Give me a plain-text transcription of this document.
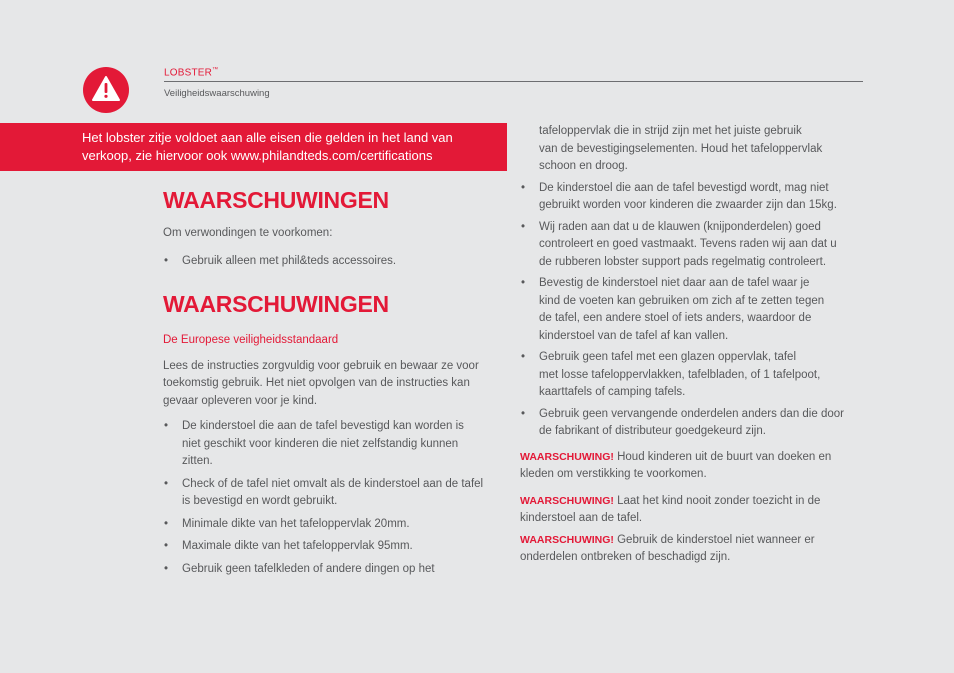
LOBSTER™
Veiligheidswaarschuwing
Het lobster zitje voldoet aan alle eisen die gelden in het land van
verkoop, zie hiervoor ook www.philandteds.com/certifications
WAARSCHUWINGEN

Om verwondingen te voorkomen:

• Gebruik alleen met phil&teds accessoires.
WAARSCHUWINGEN

De Europese veiligheidsstandaard

Lees de instructies zorgvuldig voor gebruik en bewaar ze voor
toekomstig gebruik. Het niet opvolgen van de instructies kan
gevaar opleveren voor je kind.
• De kinderstoel die aan de tafel bevestigd kan worden is
niet geschikt voor kinderen die niet zelfstandig kunnen
zitten.
• Check of de tafel niet omvalt als de kinderstoel aan de tafel
is bevestigd en wordt gebruikt.
• Minimale dikte van het tafeloppervlak 20mm.
• Maximale dikte van het tafeloppervlak 95mm.
• Gebruik geen tafelkleden of andere dingen op het
tafeloppervlak die in strijd zijn met het juiste gebruik
van de bevestigingselementen. Houd het tafeloppervlak
schoon en droog.
• De kinderstoel die aan de tafel bevestigd wordt, mag niet
gebruikt worden voor kinderen die zwaarder zijn dan 15kg.
• Wij raden aan dat u de klauwen (knijponderdelen) goed
controleert en goed vastmaakt. Tevens raden wij aan dat u
de rubberen lobster support pads regelmatig controleert.
• Bevestig de kinderstoel niet daar aan de tafel waar je
kind de voeten kan gebruiken om zich af te zetten tegen
de tafel, een andere stoel of iets anders, waardoor de
kinderstoel van de tafel af kan vallen.
• Gebruik geen tafel met een glazen oppervlak, tafel
met losse tafeloppervlakken, tafelbladen, of 1 tafelpoot,
kaarttafels of camping tafels.
• Gebruik geen vervangende onderdelen anders dan die door
de fabrikant of distributeur goedgekeurd zijn.
WAARSCHUWING! Houd kinderen uit de buurt van doeken en
kleden om verstikking te voorkomen.
WAARSCHUWING! Laat het kind nooit zonder toezicht in de
kinderstoel aan de tafel.
WAARSCHUWING! Gebruik de kinderstoel niet wanneer er
onderdelen ontbreken of beschadigd zijn.
